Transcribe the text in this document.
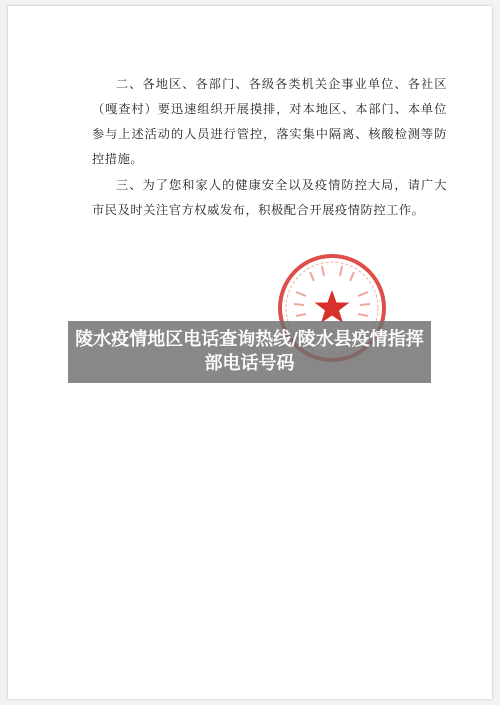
二、各地区、各部门、各级各类机关企事业单位、各社区（嘎查村）要迅速组织开展摸排，对本地区、本部门、本单位参与上述活动的人员进行管控，落实集中隔离、核酸检测等防控措施。

三、为了您和家人的健康安全以及疫情防控大局，请广大市民及时关注官方权威发布，积极配合开展疫情防控工作。

陵水疫情地区电话查询热线/陵水县疫情指挥部电话号码
